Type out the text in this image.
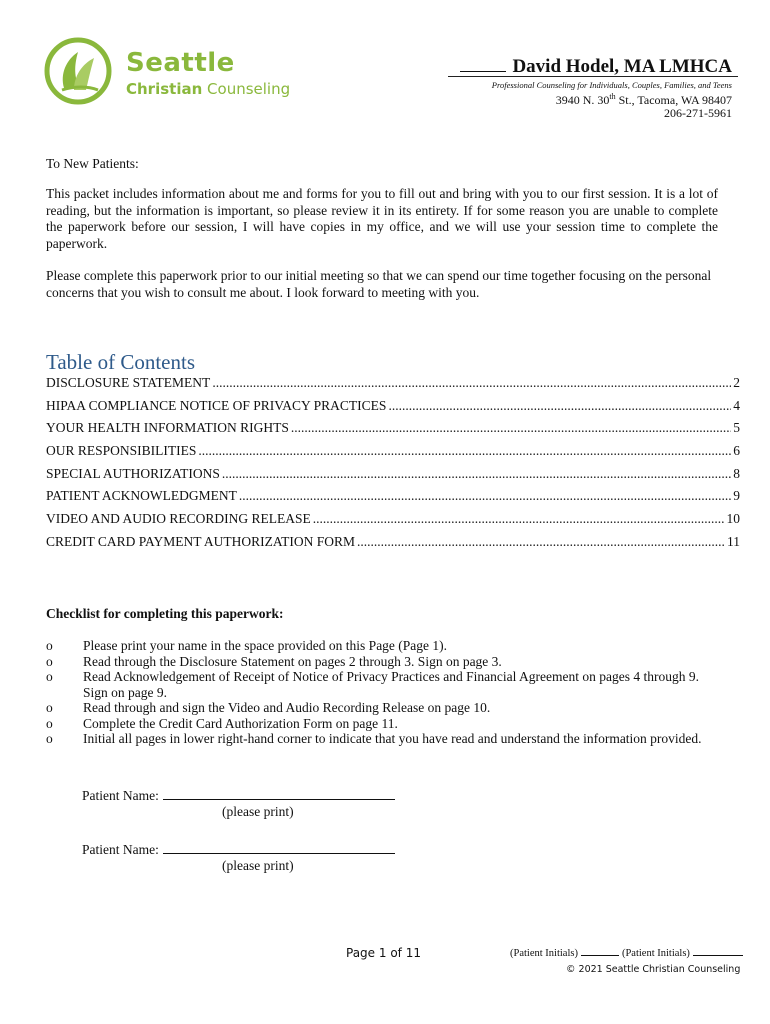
Seattle
Christian Counseling
David Hodel, MA LMHCA
Professional Counseling for Individuals, Couples, Families, and Teens
3940 N. 30th St., Tacoma, WA 98407
206-271-5961
To New Patients:
This packet includes information about me and forms for you to fill out and bring with you to our first session. It is a lot of reading, but the information is important, so please review it in its entirety. If for some reason you are unable to complete the paperwork before our session, I will have copies in my office, and we will use your session time to complete the paperwork.
Please complete this paperwork prior to our initial meeting so that we can spend our time together focusing on the personal concerns that you wish to consult me about. I look forward to meeting with you.
Table of Contents
DISCLOSURE STATEMENT .....	2
HIPAA COMPLIANCE NOTICE OF PRIVACY PRACTICES .....	4
YOUR HEALTH INFORMATION RIGHTS .....	5
OUR RESPONSIBILITIES .....	6
SPECIAL AUTHORIZATIONS .....	8
PATIENT ACKNOWLEDGMENT .....	9
VIDEO AND AUDIO RECORDING RELEASE .....	10
CREDIT CARD PAYMENT AUTHORIZATION FORM .....	11
Checklist for completing this paperwork:
o	Please print your name in the space provided on this Page (Page 1).
o	Read through the Disclosure Statement on pages 2 through 3. Sign on page 3.
o	Read Acknowledgement of Receipt of Notice of Privacy Practices and Financial Agreement on pages 4 through 9. Sign on page 9.
o	Read through and sign the Video and Audio Recording Release on page 10.
o	Complete the Credit Card Authorization Form on page 11.
o	Initial all pages in lower right-hand corner to indicate that you have read and understand the information provided.
Patient Name:
(please print)
Patient Name:
(please print)
Page 1 of 11	(Patient Initials)	(Patient Initials)
© 2021 Seattle Christian Counseling
